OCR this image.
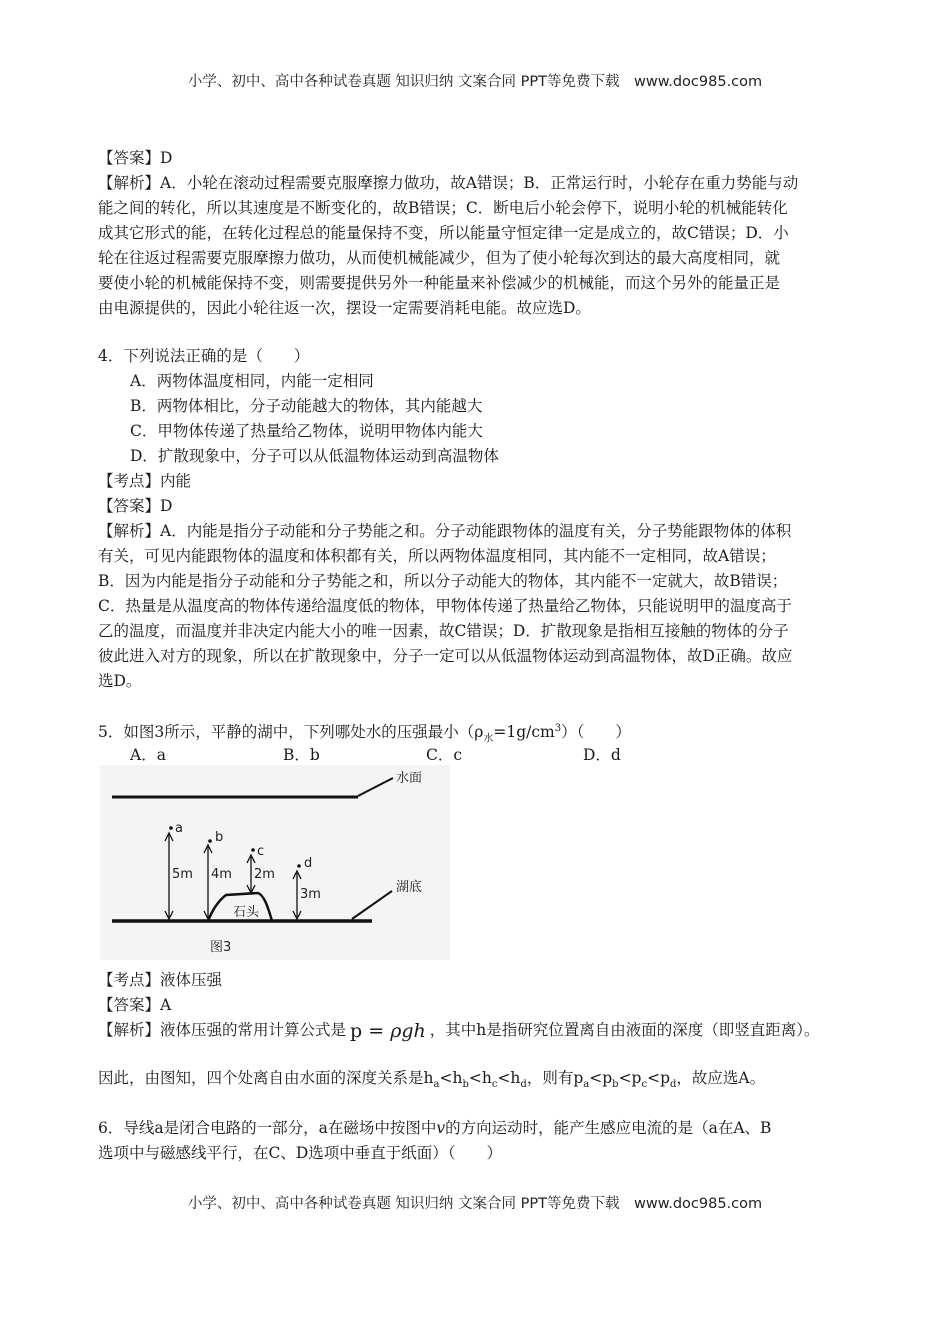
小学、初中、高中各种试卷真题 知识归纳 文案合同 PPT等免费下载　www.doc985.com
【答案】D
【解析】A．小轮在滚动过程需要克服摩擦力做功，故A错误；B．正常运行时，小轮存在重力势能与动
能之间的转化，所以其速度是不断变化的，故B错误；C．断电后小轮会停下，说明小轮的机械能转化
成其它形式的能，在转化过程总的能量保持不变，所以能量守恒定律一定是成立的，故C错误；D．小
轮在往返过程需要克服摩擦力做功，从而使机械能减少，但为了使小轮每次到达的最大高度相同，就
要使小轮的机械能保持不变，则需要提供另外一种能量来补偿减少的机械能，而这个另外的能量正是
由电源提供的，因此小轮往返一次，摆设一定需要消耗电能。故应选D。
4．下列说法正确的是（　　）
A．两物体温度相同，内能一定相同
B．两物体相比，分子动能越大的物体，其内能越大
C．甲物体传递了热量给乙物体，说明甲物体内能大
D．扩散现象中，分子可以从低温物体运动到高温物体
【考点】内能
【答案】D
【解析】A．内能是指分子动能和分子势能之和。分子动能跟物体的温度有关，分子势能跟物体的体积
有关，可见内能跟物体的温度和体积都有关，所以两物体温度相同，其内能不一定相同，故A错误；
B．因为内能是指分子动能和分子势能之和，所以分子动能大的物体，其内能不一定就大，故B错误；
C．热量是从温度高的物体传递给温度低的物体，甲物体传递了热量给乙物体，只能说明甲的温度高于
乙的温度，而温度并非决定内能大小的唯一因素，故C错误；D．扩散现象是指相互接触的物体的分子
彼此进入对方的现象，所以在扩散现象中，分子一定可以从低温物体运动到高温物体，故D正确。故应
选D。
5．如图3所示，平静的湖中，下列哪处水的压强最小$(\rho_水=1g/cm^3)$（　　）
A．a	B．b	C．c	D．d
水面
湖底
石头
a
5m
b
4m
c
2m
d
3m
图3
【考点】液体压强
【答案】A
【解析】液体压强的常用计算公式是 p = ρgh ，其中h是指研究位置离自由液面的深度（即竖直距离）。
因此，由图知，四个处离自由水面的深度关系是$h_a<h_b<h_c<h_d$，则有$p_a<p_b<p_c<p_d$，故应选A。
6．导线a是闭合电路的一部分，a在磁场中按图中v的方向运动时，能产生感应电流的是（a在A、B
选项中与磁感线平行，在C、D选项中垂直于纸面）（　　）
小学、初中、高中各种试卷真题 知识归纳 文案合同 PPT等免费下载　www.doc985.com
